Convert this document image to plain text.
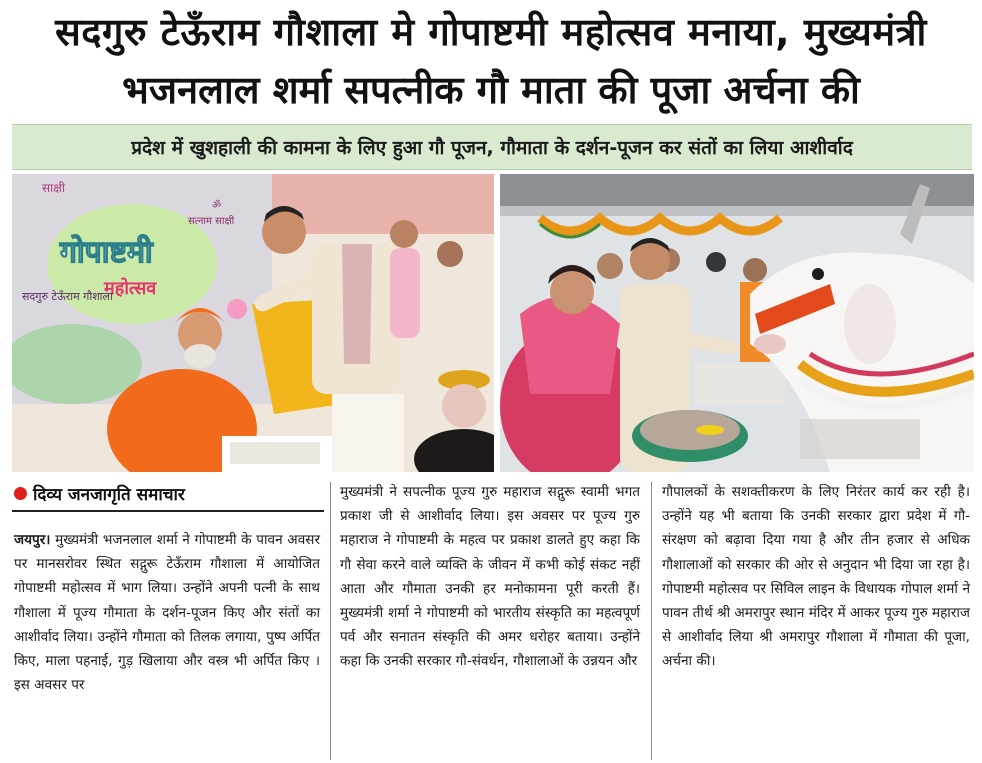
सदगुरु टेऊँराम गौशाला मे गोपाष्टमी महोत्सव मनाया, मुख्यमंत्री
भजनलाल शर्मा सपत्नीक गौ माता की पूजा अर्चना की
प्रदेश में खुशहाली की कामना के लिए हुआ गौ पूजन, गौमाता के दर्शन-पूजन कर संतों का लिया आशीर्वाद
साक्षी
ॐ
सत्नाम साक्षी
गोपाष्टमी
महोत्सव
सदगुरु टेऊँराम गौशाला
दिव्य जनजागृति समाचार

जयपुर। मुख्यमंत्री भजनलाल शर्मा ने गोपाष्टमी के पावन अवसर पर मानसरोवर स्थित सद्गुरू टेऊँराम गौशाला में आयोजित गोपाष्टमी महोत्सव में भाग लिया। उन्होंने अपनी पत्नी के साथ गौशाला में पूज्य गौमाता के दर्शन-पूजन किए और संतों का आशीर्वाद लिया। उन्होंने गौमाता को तिलक लगाया, पुष्प अर्पित किए, माला पहनाई, गुड़ खिलाया और वस्त्र भी अर्पित किए । इस अवसर पर

मुख्यमंत्री ने सपत्नीक पूज्य गुरु महाराज सद्गुरू स्वामी भगत प्रकाश जी से आशीर्वाद लिया। इस अवसर पर पूज्य गुरु महाराज ने गोपाष्टमी के महत्व पर प्रकाश डालते हुए कहा कि गौ सेवा करने वाले व्यक्ति के जीवन में कभी कोई संकट नहीं आता और गौमाता उनकी हर मनोकामना पूरी करती हैं। मुख्यमंत्री शर्मा ने गोपाष्टमी को भारतीय संस्कृति का महत्वपूर्ण पर्व और सनातन संस्कृति की अमर धरोहर बताया। उन्होंने कहा कि उनकी सरकार गौ-संवर्धन, गौशालाओं के उन्नयन और

गौपालकों के सशक्तीकरण के लिए निरंतर कार्य कर रही है। उन्होंने यह भी बताया कि उनकी सरकार द्वारा प्रदेश में गौ-संरक्षण को बढ़ावा दिया गया है और तीन हजार से अधिक गौशालाओं को सरकार की ओर से अनुदान भी दिया जा रहा है। गोपाष्टमी महोत्सव पर सिविल लाइन के विधायक गोपाल शर्मा ने पावन तीर्थ श्री अमरापुर स्थान मंदिर में आकर पूज्य गुरु महाराज से आशीर्वाद लिया श्री अमरापुर गौशाला में गौमाता की पूजा, अर्चना की।
